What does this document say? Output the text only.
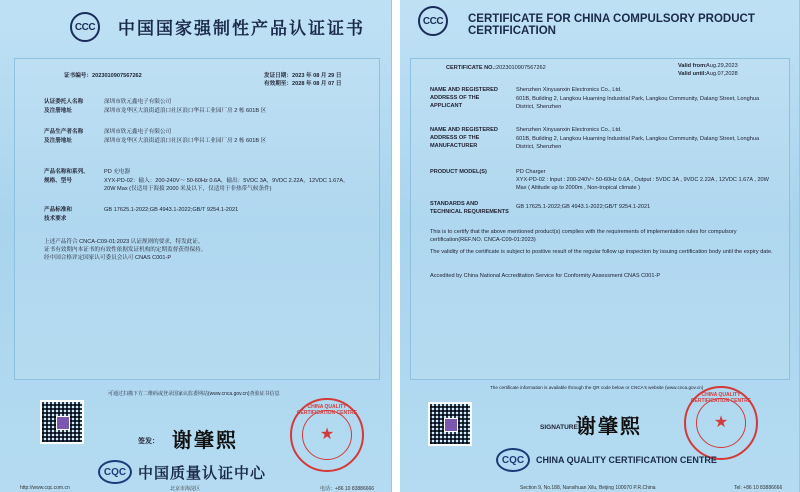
CCC 中国国家强制性产品认证证书
证书编号： 2023010907567262	发证日期： 2023 年 08 月 29 日
有效期至： 2028 年 08 月 07 日
认证委托人名称
及注册地址
深圳市欣元鑫电子有限公司
深圳市龙华区大浪街道浪口社区浪口华昌工业园厂房 2 栋 601B 区
产品生产者名称
及注册地址
深圳市欣元鑫电子有限公司
深圳市龙华区大浪街道浪口社区浪口华昌工业园厂房 2 栋 601B 区
产品名称和系列、
规格、型号
PD 充电器
XYX-PD-02：输入：200-240V～ 50-60Hz 0.6A，输出：5VDC 3A，9VDC 2.22A，12VDC 1.67A，
20W Max (仅适用于海拔 2000 米及以下，仅适用于非热带气候条件)
产品标准和
技术要求
GB 17625.1-2022;GB 4943.1-2022;GB/T 9254.1-2021
上述产品符合 CNCA-C09-01:2023 认证规则的要求，特发此证。
证书有效期内本证书的有效性依据发证机构的定期监督获得保持。
经中国合格评定国家认可委员会认可 CNAS C001-P
可通过扫描下方二维码或登录国家认监委网站(www.cnca.gov.cn)查验证书信息
签发： 谢肇熙
CHINA QUALITY CERTIFICATION CENTRE
★
CQC 中国质量认证中心
http://www.cqc.com.cn	北京市海淀区	电话：+86 10 83886666
CCC	CERTIFICATE FOR CHINA COMPULSORY PRODUCT CERTIFICATION
CERTIFICATE NO.: 2023010907567262	Valid from: Aug.29,2023
Valid until: Aug.07,2028
NAME AND REGISTERED ADDRESS OF THE APPLICANT
Shenzhen Xinyuanxin Electronics Co., Ltd.
601B, Building 2, Langkou Huarning Industrial Park, Langkou Community, Dalang Street, Longhua District, Shenzhen
NAME AND REGISTERED ADDRESS OF THE MANUFACTURER
Shenzhen Xinyuanxin Electronics Co., Ltd.
601B, Building 2, Langkou Huarning Industrial Park, Langkou Community, Dalang Street, Longhua District, Shenzhen
PRODUCT MODEL(S)	PD Charger
XYX-PD-02 : Input : 200-240V~ 50-60Hz 0.6A , Output : 5VDC 3A , 9VDC 2.22A , 12VDC 1.67A , 20W Max ( Altitude up to 2000m , Non-tropical climate )
STANDARDS AND TECHNICAL REQUIREMENTS
GB 17625.1-2022;GB 4943.1-2022;GB/T 9254.1-2021
This is to certify that the above mentioned product(s) complies with the requirements of implementation rules for compulsory certification(REF.NO. CNCA-C09-01:2023)
The validity of the certificate is subject to positive result of the regular follow up inspection by issuing certification body until the expiry date.
Accedited by China National Accreditation Service for Conformity Assessment CNAS C001-P
The certificate information is available through the QR code below or CNCA's website (www.cnca.gov.cn)
SIGNATURE:
谢肇熙
CHINA QUALITY CERTIFICATION CENTRE
★
CQC	CHINA QUALITY CERTIFICATION CENTRE
Section 9, No.188, Nansihuan Xilu, Beijing 100070 P.R.China	Tel: +86 10 83886666
